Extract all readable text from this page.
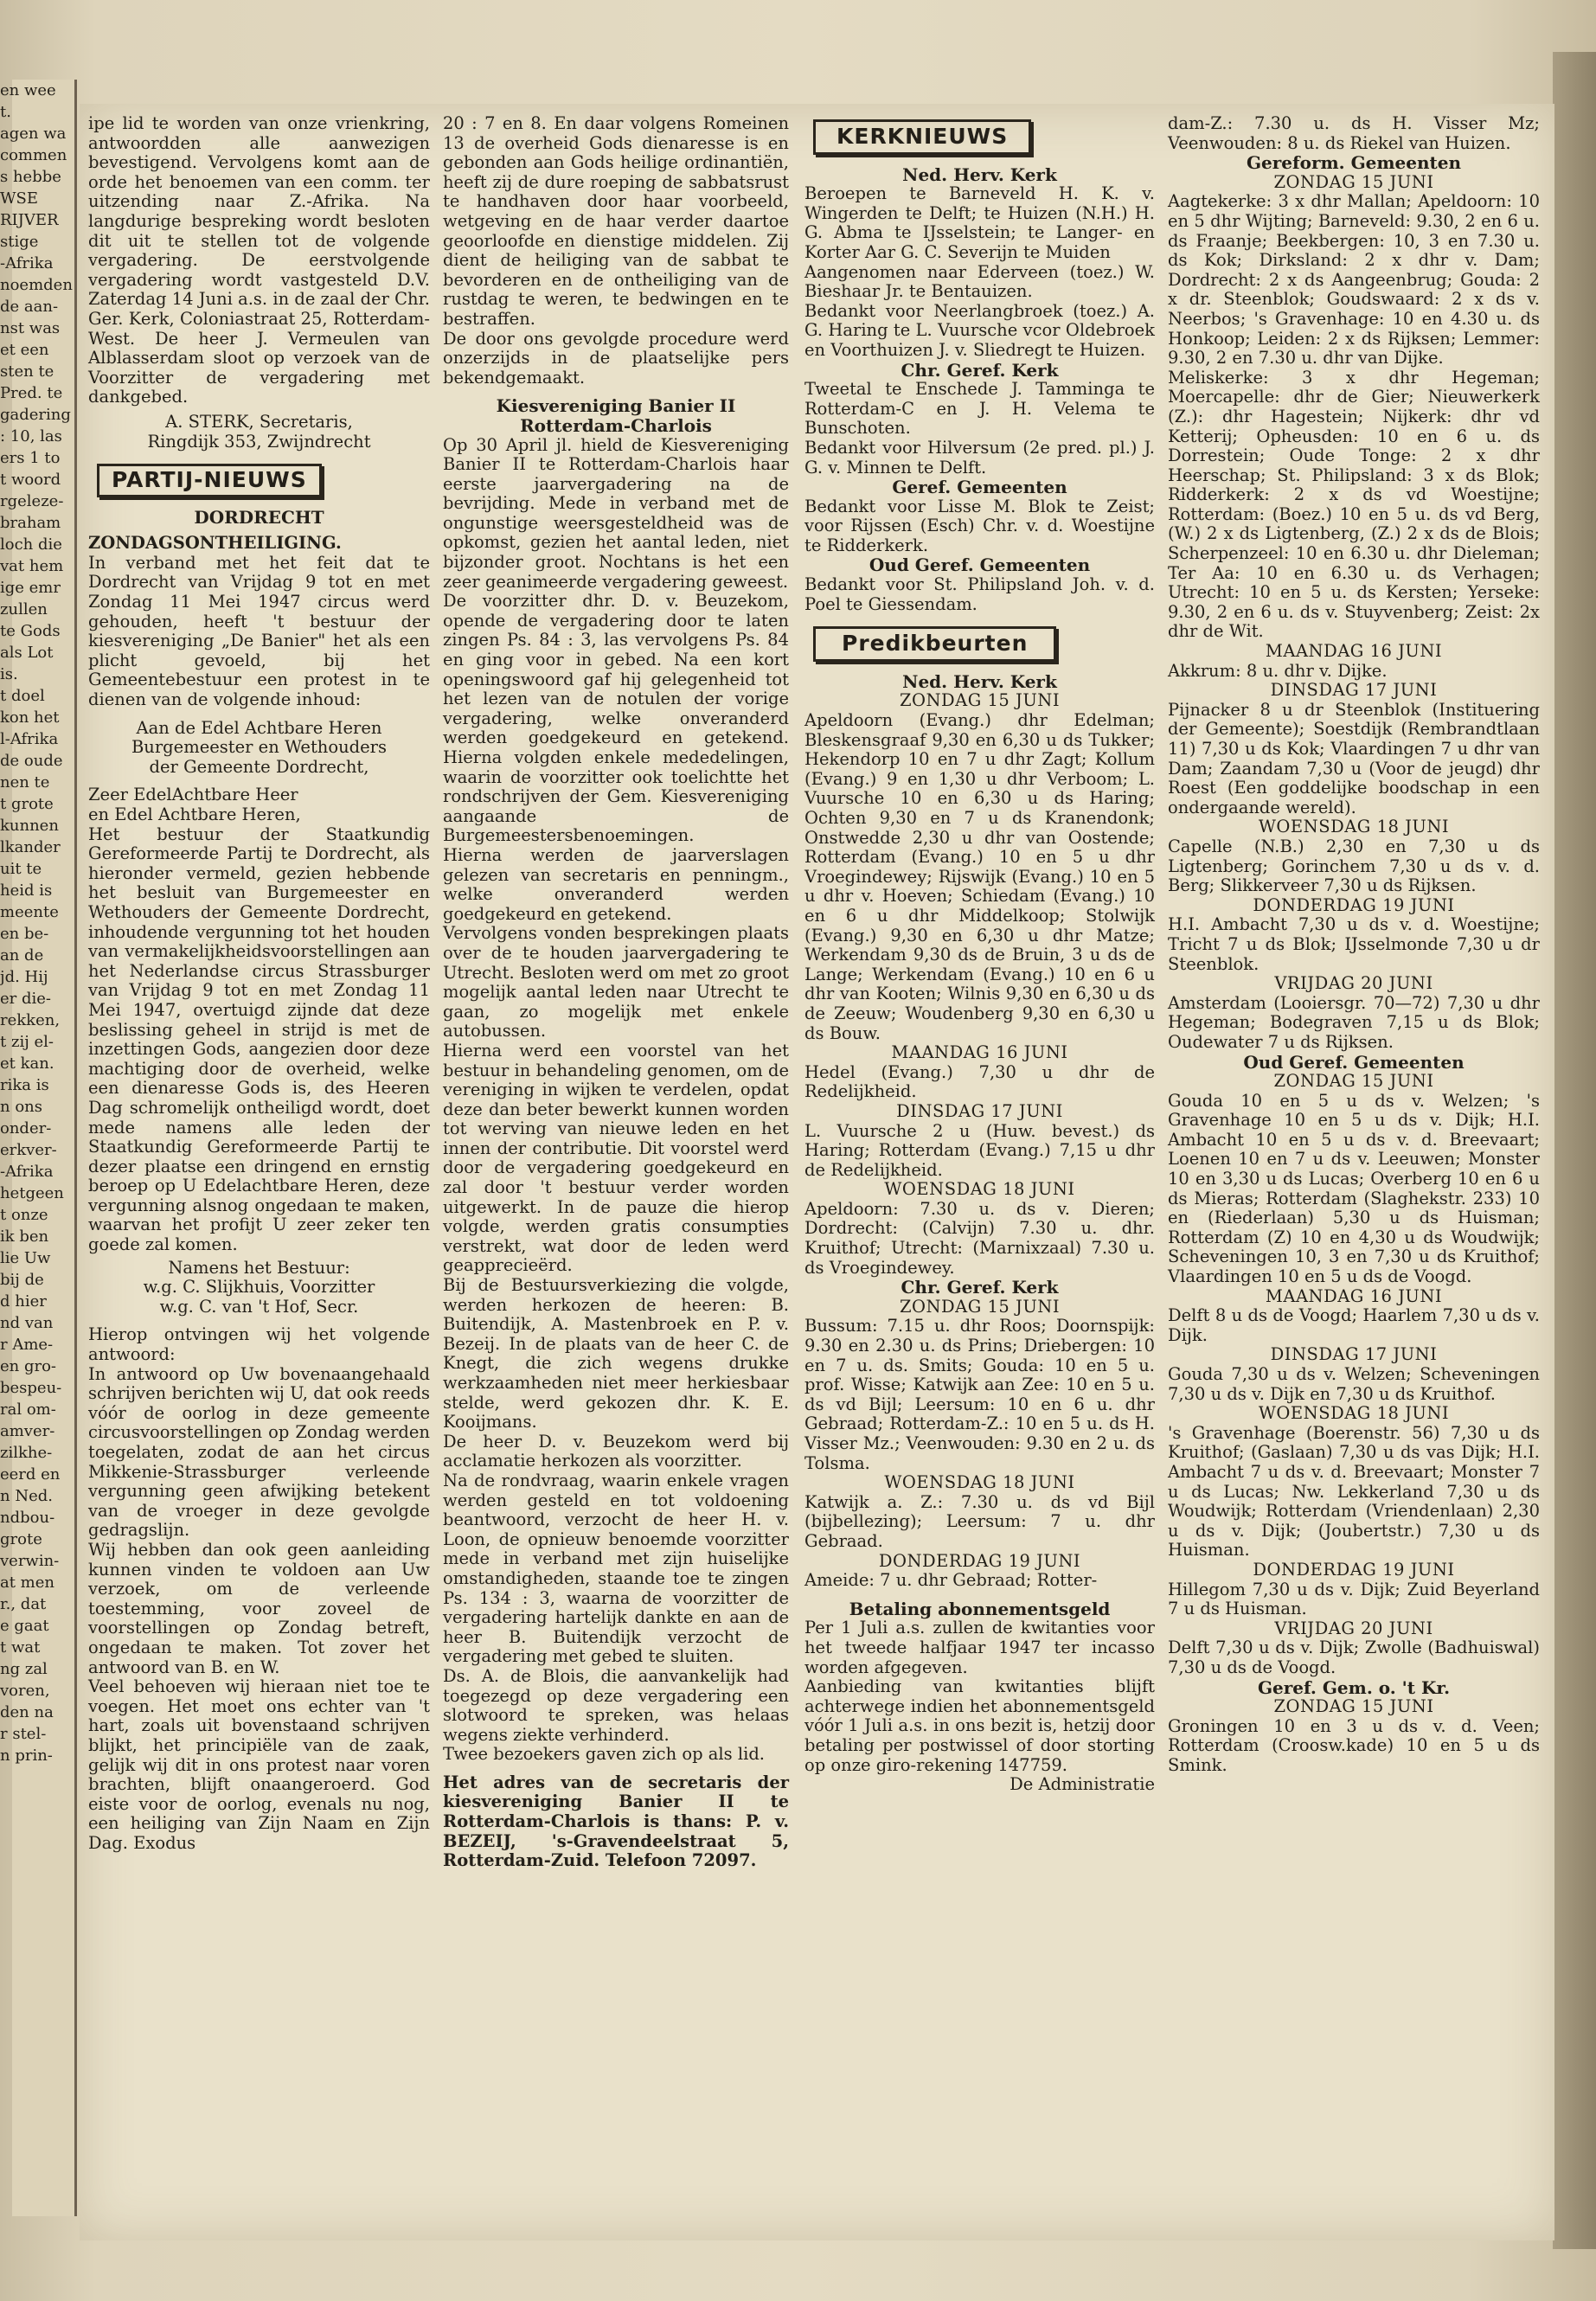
en wee
t.
agen wa
commen
s hebbe
WSE
RIJVER
stige
-Afrika
noemden
de aan-
nst was
et een
sten te
Pred. te
gadering
: 10, las
ers 1 to
t woord
rgeleze-
braham
loch die
vat hem
ige emr
zullen
te Gods
als Lot
is.
t doel
kon het
l-Afrika
de oude
nen te
t grote
kunnen
lkander
uit te
heid is
meente
en be-
an de
jd. Hij
er die-
rekken,
t zij el-
et kan.
rika is
n ons
onder-
erkver-
-Afrika
hetgeen
t onze
ik ben
lie Uw
bij de
d hier
nd van
r Ame-
en gro-
bespeu-
ral om-
amver-
zilkhe-
eerd en
n Ned.
ndbou-
grote
verwin-
at men
r., dat
e gaat
t wat
ng zal
voren,
den na
r stel-
n prin-

ipe lid te worden van onze vrienkring, antwoordden alle aanwezigen bevestigend. Vervolgens komt aan de orde het benoemen van een comm. ter uitzending naar Z.-Afrika. Na langdurige bespreking wordt besloten dit uit te stellen tot de volgende vergadering. De eerstvolgende vergadering wordt vastgesteld D.V. Zaterdag 14 Juni a.s. in de zaal der Chr. Ger. Kerk, Coloniastraat 25, Rotterdam-West. De heer J. Vermeulen van Alblasserdam sloot op verzoek van de Voorzitter de vergadering met dankgebed.

A. STERK, Secretaris,

Ringdijk 353, Zwijndrecht

PARTIJ-NIEUWS

DORDRECHT

ZONDAGSONTHEILIGING.

In verband met het feit dat te Dordrecht van Vrijdag 9 tot en met Zondag 11 Mei 1947 circus werd gehouden, heeft 't bestuur der kiesvereniging „De Banier" het als een plicht gevoeld, bij het Gemeentebestuur een protest in te dienen van de volgende inhoud:

Aan de Edel Achtbare Heren

Burgemeester en Wethouders

der Gemeente Dordrecht,

Zeer EdelAchtbare Heer

en Edel Achtbare Heren,

Het bestuur der Staatkundig Gereformeerde Partij te Dordrecht, als hieronder vermeld, gezien hebbende het besluit van Burgemeester en Wethouders der Gemeente Dordrecht, inhoudende vergunning tot het houden van vermakelijkheidsvoorstellingen aan het Nederlandse circus Strassburger van Vrijdag 9 tot en met Zondag 11 Mei 1947, overtuigd zijnde dat deze beslissing geheel in strijd is met de inzettingen Gods, aangezien door deze machtiging door de overheid, welke een dienaresse Gods is, des Heeren Dag schromelijk ontheiligd wordt, doet mede namens alle leden der Staatkundig Gereformeerde Partij te dezer plaatse een dringend en ernstig beroep op U Edelachtbare Heren, deze vergunning alsnog ongedaan te maken, waarvan het profijt U zeer zeker ten goede zal komen.

Namens het Bestuur:

w.g. C. Slijkhuis, Voorzitter

w.g. C. van 't Hof, Secr.

Hierop ontvingen wij het volgende antwoord:

In antwoord op Uw bovenaangehaald schrijven berichten wij U, dat ook reeds vóór de oorlog in deze gemeente circusvoorstellingen op Zondag werden toegelaten, zodat de aan het circus Mikkenie-Strassburger verleende vergunning geen afwijking betekent van de vroeger in deze gevolgde gedragslijn.

Wij hebben dan ook geen aanleiding kunnen vinden te voldoen aan Uw verzoek, om de verleende toestemming, voor zoveel de voorstellingen op Zondag betreft, ongedaan te maken. Tot zover het antwoord van B. en W.

Veel behoeven wij hieraan niet toe te voegen. Het moet ons echter van 't hart, zoals uit bovenstaand schrijven blijkt, het principiële van de zaak, gelijk wij dit in ons protest naar voren brachten, blijft onaangeroerd. God eiste voor de oorlog, evenals nu nog, een heiliging van Zijn Naam en Zijn Dag. Exodus

20 : 7 en 8. En daar volgens Romeinen 13 de overheid Gods dienaresse is en gebonden aan Gods heilige ordinantiën, heeft zij de dure roeping de sabbatsrust te handhaven door haar voorbeeld, wetgeving en de haar verder daartoe geoorloofde en dienstige middelen. Zij dient de heiliging van de sabbat te bevorderen en de ontheiliging van de rustdag te weren, te bedwingen en te bestraffen.

De door ons gevolgde procedure werd onzerzijds in de plaatselijke pers bekendgemaakt.

Kiesvereniging Banier II

Rotterdam-Charlois

Op 30 April jl. hield de Kiesvereniging Banier II te Rotterdam-Charlois haar eerste jaarvergadering na de bevrijding. Mede in verband met de ongunstige weersgesteldheid was de opkomst, gezien het aantal leden, niet bijzonder groot. Nochtans is het een zeer geanimeerde vergadering geweest.

De voorzitter dhr. D. v. Beuzekom, opende de vergadering door te laten zingen Ps. 84 : 3, las vervolgens Ps. 84 en ging voor in gebed. Na een kort openingswoord gaf hij gelegenheid tot het lezen van de notulen der vorige vergadering, welke onveranderd werden goedgekeurd en getekend. Hierna volgden enkele mededelingen, waarin de voorzitter ook toelichtte het rondschrijven der Gem. Kiesvereniging aangaande de Burgemeestersbenoemingen.

Hierna werden de jaarverslagen gelezen van secretaris en penningm., welke onveranderd werden goedgekeurd en getekend.

Vervolgens vonden besprekingen plaats over de te houden jaarvergadering te Utrecht. Besloten werd om met zo groot mogelijk aantal leden naar Utrecht te gaan, zo mogelijk met enkele autobussen.

Hierna werd een voorstel van het bestuur in behandeling genomen, om de vereniging in wijken te verdelen, opdat deze dan beter bewerkt kunnen worden tot werving van nieuwe leden en het innen der contributie. Dit voorstel werd door de vergadering goedgekeurd en zal door 't bestuur verder worden uitgewerkt. In de pauze die hierop volgde, werden gratis consumpties verstrekt, wat door de leden werd geapprecieërd.

Bij de Bestuursverkiezing die volgde, werden herkozen de heeren: B. Buitendijk, A. Mastenbroek en P. v. Bezeij. In de plaats van de heer C. de Knegt, die zich wegens drukke werkzaamheden niet meer herkiesbaar stelde, werd gekozen dhr. K. E. Kooijmans.

De heer D. v. Beuzekom werd bij acclamatie herkozen als voorzitter.

Na de rondvraag, waarin enkele vragen werden gesteld en tot voldoening beantwoord, verzocht de heer H. v. Loon, de opnieuw benoemde voorzitter mede in verband met zijn huiselijke omstandigheden, staande toe te zingen Ps. 134 : 3, waarna de voorzitter de vergadering hartelijk dankte en aan de heer B. Buitendijk verzocht de vergadering met gebed te sluiten.

Ds. A. de Blois, die aanvankelijk had toegezegd op deze vergadering een slotwoord te spreken, was helaas wegens ziekte verhinderd.

Twee bezoekers gaven zich op als lid.

Het adres van de secretaris der kiesvereniging Banier II te Rotterdam-Charlois is thans: P. v. BEZEIJ, 's-Gravendeelstraat 5, Rotterdam-Zuid. Telefoon 72097.

KERKNIEUWS

Ned. Herv. Kerk

Beroepen te Barneveld H. K. v. Wingerden te Delft; te Huizen (N.H.) H. G. Abma te IJsselstein; te Langer- en Korter Aar G. C. Severijn te Muiden

Aangenomen naar Ederveen (toez.) W. Bieshaar Jr. te Bentauizen.

Bedankt voor Neerlangbroek (toez.) A. G. Haring te L. Vuursche vcor Oldebroek en Voorthuizen J. v. Sliedregt te Huizen.

Chr. Geref. Kerk

Tweetal te Enschede J. Tamminga te Rotterdam-C en J. H. Velema te Bunschoten.

Bedankt voor Hilversum (2e pred. pl.) J. G. v. Minnen te Delft.

Geref. Gemeenten

Bedankt voor Lisse M. Blok te Zeist; voor Rijssen (Esch) Chr. v. d. Woestijne te Ridderkerk.

Oud Geref. Gemeenten

Bedankt voor St. Philipsland Joh. v. d. Poel te Giessendam.

Predikbeurten

Ned. Herv. Kerk

ZONDAG 15 JUNI

Apeldoorn (Evang.) dhr Edelman; Bleskensgraaf 9,30 en 6,30 u ds Tukker; Hekendorp 10 en 7 u dhr Zagt; Kollum (Evang.) 9 en 1,30 u dhr Verboom; L. Vuursche 10 en 6,30 u ds Haring; Ochten 9,30 en 7 u ds Kranendonk; Onstwedde 2,30 u dhr van Oostende; Rotterdam (Evang.) 10 en 5 u dhr Vroegindewey; Rijswijk (Evang.) 10 en 5 u dhr v. Hoeven; Schiedam (Evang.) 10 en 6 u dhr Middelkoop; Stolwijk (Evang.) 9,30 en 6,30 u dhr Matze; Werkendam 9,30 ds de Bruin, 3 u ds de Lange; Werkendam (Evang.) 10 en 6 u dhr van Kooten; Wilnis 9,30 en 6,30 u ds de Zeeuw; Woudenberg 9,30 en 6,30 u ds Bouw.

MAANDAG 16 JUNI

Hedel (Evang.) 7,30 u dhr de Redelijkheid.

DINSDAG 17 JUNI

L. Vuursche 2 u (Huw. bevest.) ds Haring; Rotterdam (Evang.) 7,15 u dhr de Redelijkheid.

WOENSDAG 18 JUNI

Apeldoorn: 7.30 u. ds v. Dieren; Dordrecht: (Calvijn) 7.30 u. dhr. Kruithof; Utrecht: (Marnixzaal) 7.30 u. ds Vroegindewey.

Chr. Geref. Kerk

ZONDAG 15 JUNI

Bussum: 7.15 u. dhr Roos; Doornspijk: 9.30 en 2.30 u. ds Prins; Driebergen: 10 en 7 u. ds. Smits; Gouda: 10 en 5 u. prof. Wisse; Katwijk aan Zee: 10 en 5 u. ds vd Bijl; Leersum: 10 en 6 u. dhr Gebraad; Rotterdam-Z.: 10 en 5 u. ds H. Visser Mz.; Veenwouden: 9.30 en 2 u. ds Tolsma.

WOENSDAG 18 JUNI

Katwijk a. Z.: 7.30 u. ds vd Bijl (bijbellezing); Leersum: 7 u. dhr Gebraad.

DONDERDAG 19 JUNI

Ameide: 7 u. dhr Gebraad; Rotter-

Betaling abonnementsgeld

Per 1 Juli a.s. zullen de kwitanties voor het tweede halfjaar 1947 ter incasso worden afgegeven.

Aanbieding van kwitanties blijft achterwege indien het abonnementsgeld vóór 1 Juli a.s. in ons bezit is, hetzij door betaling per postwissel of door storting op onze giro-rekening 147759.

De Administratie

dam-Z.: 7.30 u. ds H. Visser Mz; Veenwouden: 8 u. ds Riekel van Huizen.

Gereform. Gemeenten

ZONDAG 15 JUNI

Aagtekerke: 3 x dhr Mallan; Apeldoorn: 10 en 5 dhr Wijting; Barneveld: 9.30, 2 en 6 u. ds Fraanje; Beekbergen: 10, 3 en 7.30 u. ds Kok; Dirksland: 2 x dhr v. Dam; Dordrecht: 2 x ds Aangeenbrug; Gouda: 2 x dr. Steenblok; Goudswaard: 2 x ds v. Neerbos; 's Gravenhage: 10 en 4.30 u. ds Honkoop; Leiden: 2 x ds Rijksen; Lemmer: 9.30, 2 en 7.30 u. dhr van Dijke.

Meliskerke: 3 x dhr Hegeman; Moercapelle: dhr de Gier; Nieuwerkerk (Z.): dhr Hagestein; Nijkerk: dhr vd Ketterij; Opheusden: 10 en 6 u. ds Dorrestein; Oude Tonge: 2 x dhr Heerschap; St. Philipsland: 3 x ds Blok; Ridderkerk: 2 x ds vd Woestijne; Rotterdam: (Boez.) 10 en 5 u. ds vd Berg, (W.) 2 x ds Ligtenberg, (Z.) 2 x ds de Blois; Scherpenzeel: 10 en 6.30 u. dhr Dieleman; Ter Aa: 10 en 6.30 u. ds Verhagen; Utrecht: 10 en 5 u. ds Kersten; Yerseke: 9.30, 2 en 6 u. ds v. Stuyvenberg; Zeist: 2x dhr de Wit.

MAANDAG 16 JUNI

Akkrum: 8 u. dhr v. Dijke.

DINSDAG 17 JUNI

Pijnacker 8 u dr Steenblok (Instituering der Gemeente); Soestdijk (Rembrandtlaan 11) 7,30 u ds Kok; Vlaardingen 7 u dhr van Dam; Zaandam 7,30 u (Voor de jeugd) dhr Roest (Een goddelijke boodschap in een ondergaande wereld).

WOENSDAG 18 JUNI

Capelle (N.B.) 2,30 en 7,30 u ds Ligtenberg; Gorinchem 7,30 u ds v. d. Berg; Slikkerveer 7,30 u ds Rijksen.

DONDERDAG 19 JUNI

H.I. Ambacht 7,30 u ds v. d. Woestijne; Tricht 7 u ds Blok; IJsselmonde 7,30 u dr Steenblok.

VRIJDAG 20 JUNI

Amsterdam (Looiersgr. 70—72) 7,30 u dhr Hegeman; Bodegraven 7,15 u ds Blok; Oudewater 7 u ds Rijksen.

Oud Geref. Gemeenten

ZONDAG 15 JUNI

Gouda 10 en 5 u ds v. Welzen; 's Gravenhage 10 en 5 u ds v. Dijk; H.I. Ambacht 10 en 5 u ds v. d. Breevaart; Loenen 10 en 7 u ds v. Leeuwen; Monster 10 en 3,30 u ds Lucas; Overberg 10 en 6 u ds Mieras; Rotterdam (Slaghekstr. 233) 10 en (Riederlaan) 5,30 u ds Huisman; Rotterdam (Z) 10 en 4,30 u ds Woudwijk; Scheveningen 10, 3 en 7,30 u ds Kruithof; Vlaardingen 10 en 5 u ds de Voogd.

MAANDAG 16 JUNI

Delft 8 u ds de Voogd; Haarlem 7,30 u ds v. Dijk.

DINSDAG 17 JUNI

Gouda 7,30 u ds v. Welzen; Scheveningen 7,30 u ds v. Dijk en 7,30 u ds Kruithof.

WOENSDAG 18 JUNI

's Gravenhage (Boerenstr. 56) 7,30 u ds Kruithof; (Gaslaan) 7,30 u ds vas Dijk; H.I. Ambacht 7 u ds v. d. Breevaart; Monster 7 u ds Lucas; Nw. Lekkerland 7,30 u ds Woudwijk; Rotterdam (Vriendenlaan) 2,30 u ds v. Dijk; (Joubertstr.) 7,30 u ds Huisman.

DONDERDAG 19 JUNI

Hillegom 7,30 u ds v. Dijk; Zuid Beyerland 7 u ds Huisman.

VRIJDAG 20 JUNI

Delft 7,30 u ds v. Dijk; Zwolle (Badhuiswal) 7,30 u ds de Voogd.

Geref. Gem. o. 't Kr.

ZONDAG 15 JUNI

Groningen 10 en 3 u ds v. d. Veen; Rotterdam (Croosw.kade) 10 en 5 u ds Smink.
